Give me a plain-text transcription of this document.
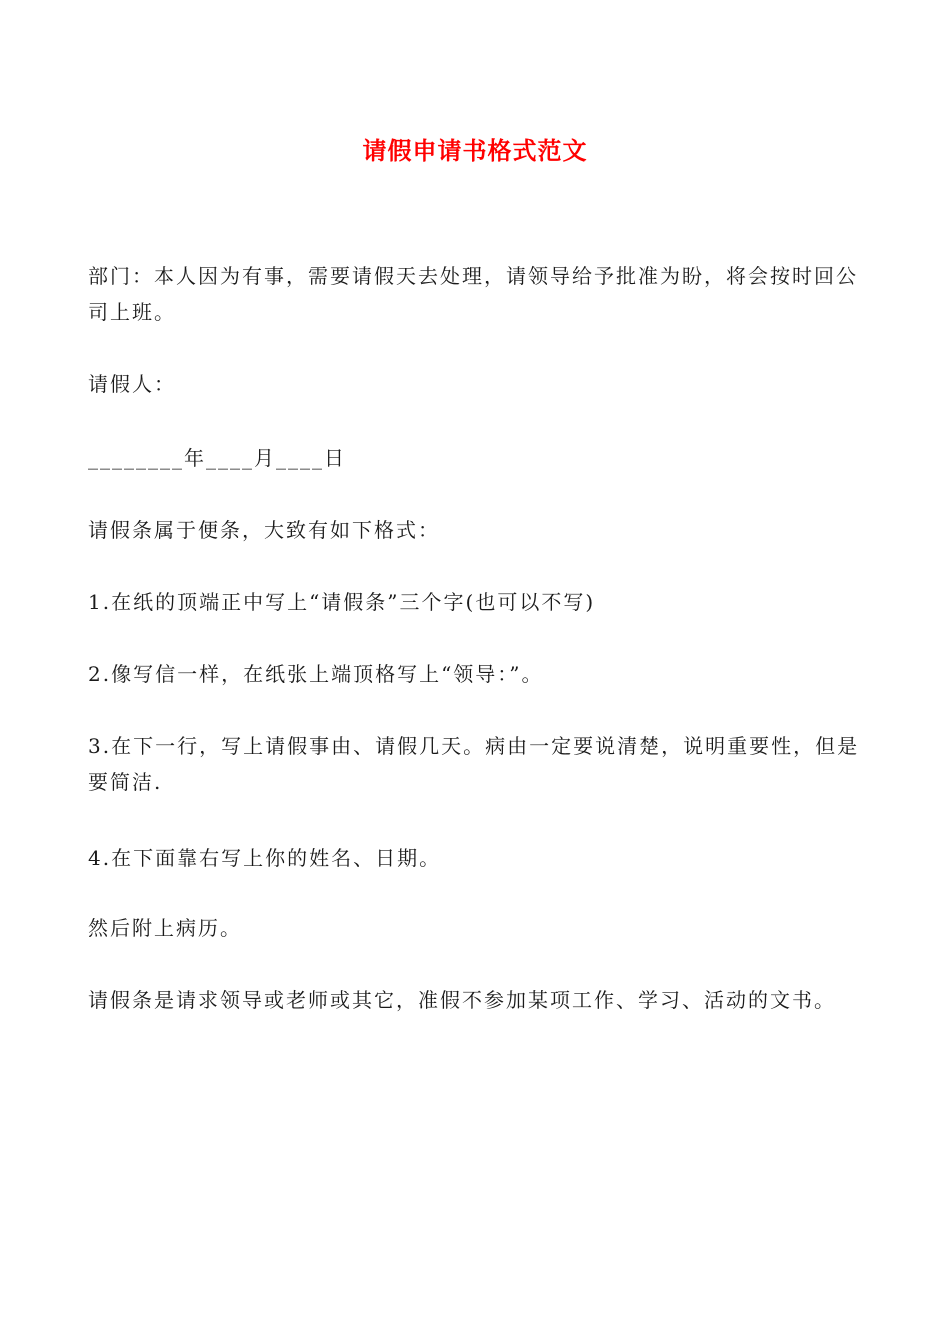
请假申请书格式范文

部门：本人因为有事，需要请假天去处理，请领导给予批准为盼，将会按时回公司上班。

请假人：

________年____月____日

请假条属于便条，大致有如下格式：

1.在纸的顶端正中写上“请假条”三个字(也可以不写)

2.像写信一样，在纸张上端顶格写上“领导：”。

3.在下一行，写上请假事由、请假几天。病由一定要说清楚，说明重要性，但是要简洁.

4.在下面靠右写上你的姓名、日期。

然后附上病历。

请假条是请求领导或老师或其它，准假不参加某项工作、学习、活动的文书。
